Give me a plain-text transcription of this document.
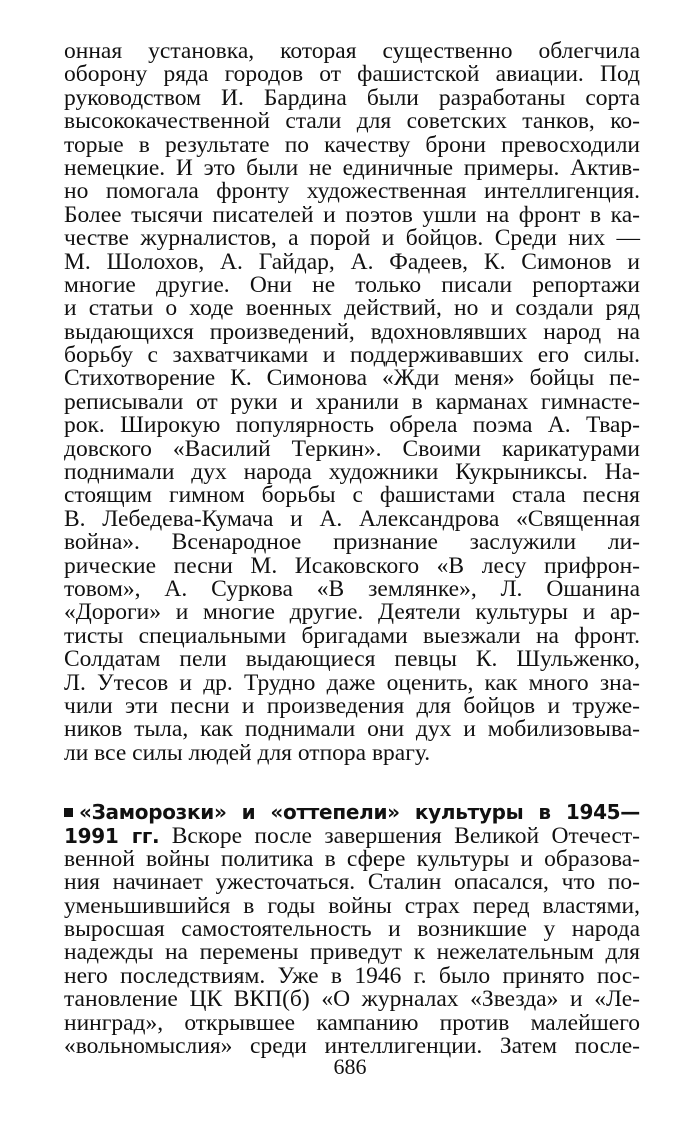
онная установка, которая существенно облегчила
оборону ряда городов от фашистской авиации. Под
руководством И. Бардина были разработаны сорта
высококачественной стали для советских танков, ко-
торые в результате по качеству брони превосходили
немецкие. И это были не единичные примеры. Актив-
но помогала фронту художественная интеллигенция.
Более тысячи писателей и поэтов ушли на фронт в ка-
честве журналистов, а порой и бойцов. Среди них —
М. Шолохов, А. Гайдар, А. Фадеев, К. Симонов и
многие другие. Они не только писали репортажи
и статьи о ходе военных действий, но и создали ряд
выдающихся произведений, вдохновлявших народ на
борьбу с захватчиками и поддерживавших его силы.
Стихотворение К. Симонова «Жди меня» бойцы пе-
реписывали от руки и хранили в карманах гимнасте-
рок. Широкую популярность обрела поэма А. Твар-
довского «Василий Теркин». Своими карикатурами
поднимали дух народа художники Кукрыниксы. На-
стоящим гимном борьбы с фашистами стала песня
В. Лебедева-Кумача и А. Александрова «Священная
война». Всенародное признание заслужили ли-
рические песни М. Исаковского «В лесу прифрон-
товом», А. Суркова «В землянке», Л. Ошанина
«Дороги» и многие другие. Деятели культуры и ар-
тисты специальными бригадами выезжали на фронт.
Солдатам пели выдающиеся певцы К. Шульженко,
Л. Утесов и др. Трудно даже оценить, как много зна-
чили эти песни и произведения для бойцов и труже-
ников тыла, как поднимали они дух и мобилизовыва-
ли все силы людей для отпора врагу.
«Заморозки» и «оттепели» культуры в 1945—
1991 гг. Вскоре после завершения Великой Отечест-
венной войны политика в сфере культуры и образова-
ния начинает ужесточаться. Сталин опасался, что по-
уменьшившийся в годы войны страх перед властями,
выросшая самостоятельность и возникшие у народа
надежды на перемены приведут к нежелательным для
него последствиям. Уже в 1946 г. было принято пос-
тановление ЦК ВКП(б) «О журналах «Звезда» и «Ле-
нинград», открывшее кампанию против малейшего
«вольномыслия» среди интеллигенции. Затем после-
686
